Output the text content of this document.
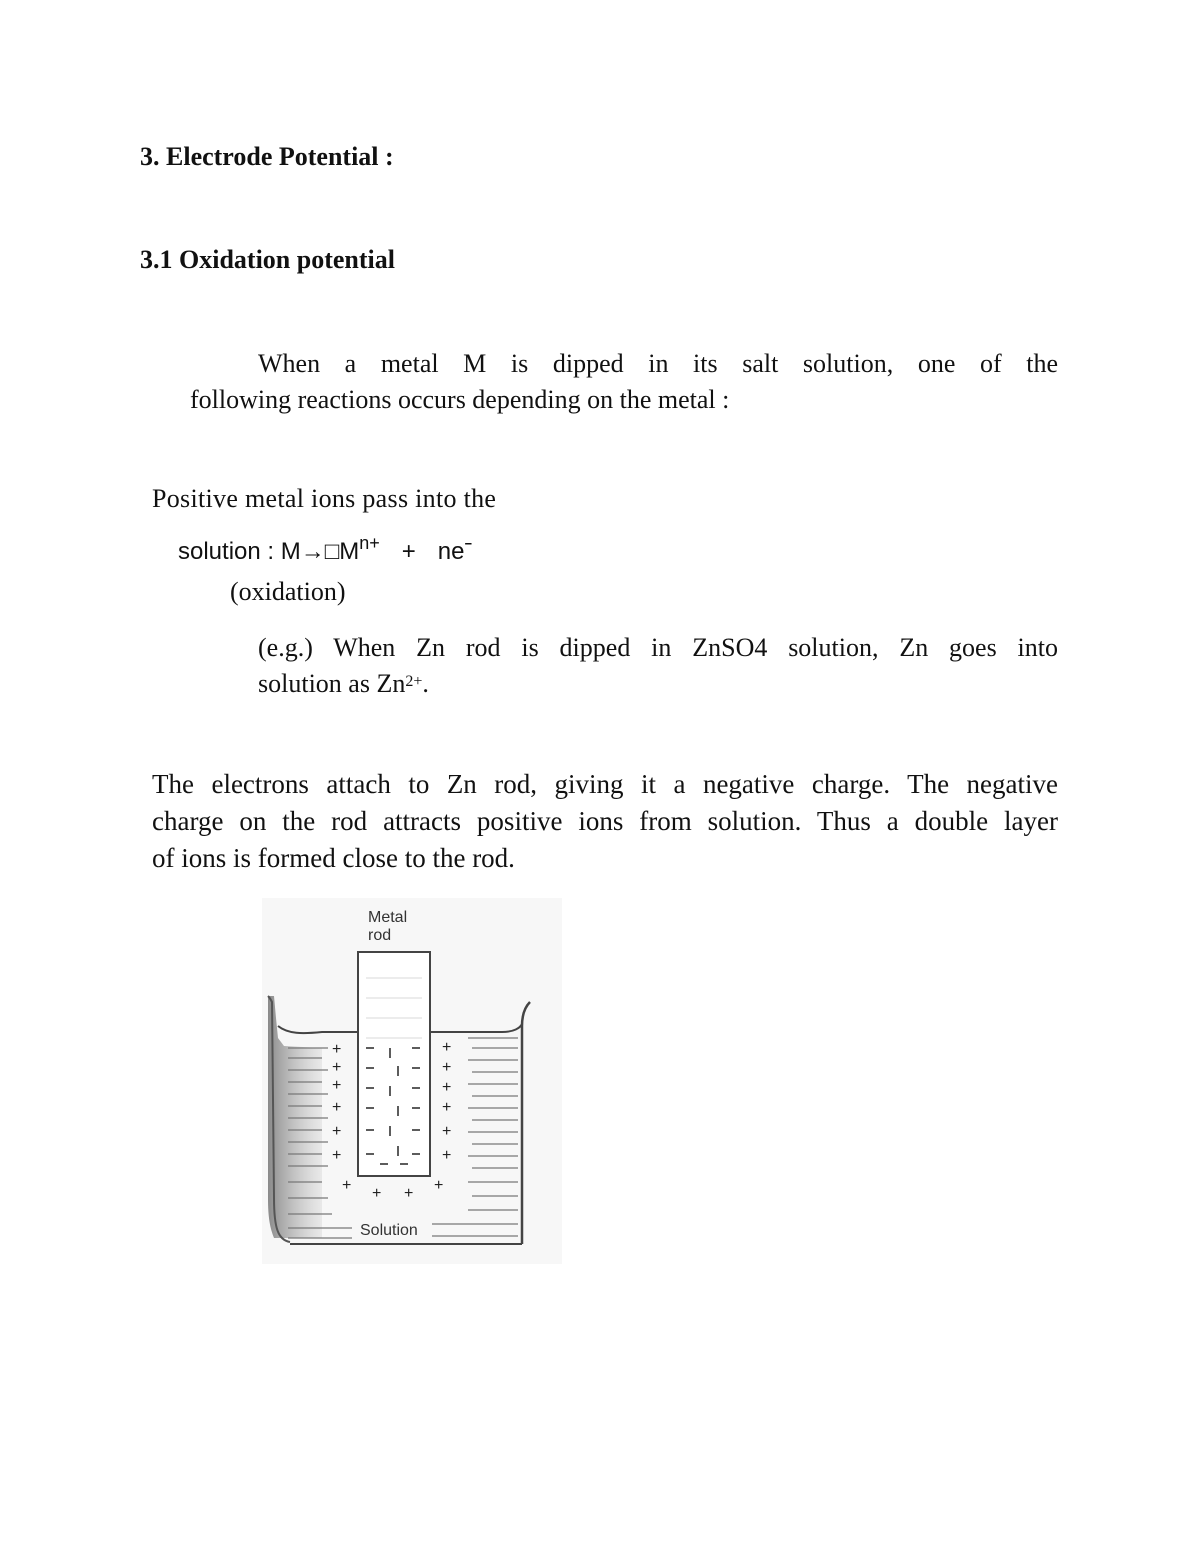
3. Electrode Potential :
3.1 Oxidation potential

When a metal M is dipped in its salt solution, one of the

following reactions occurs depending on the metal :

Positive metal ions pass into the

solution : $M\to□M^{n+}$ + neˉ

(oxidation)

(e.g.) When Zn rod is dipped in ZnSO4 solution, Zn goes into

solution as $Zn^{2+}$.

The electrons attach to Zn rod, giving it a negative charge. The negative
charge on the rod attracts positive ions from solution. Thus a double layer
of ions is formed close to the rod.
+
+
+
+
+
+
+
+
+
+
+
+
+ + + +
Metal
rod
Solution
